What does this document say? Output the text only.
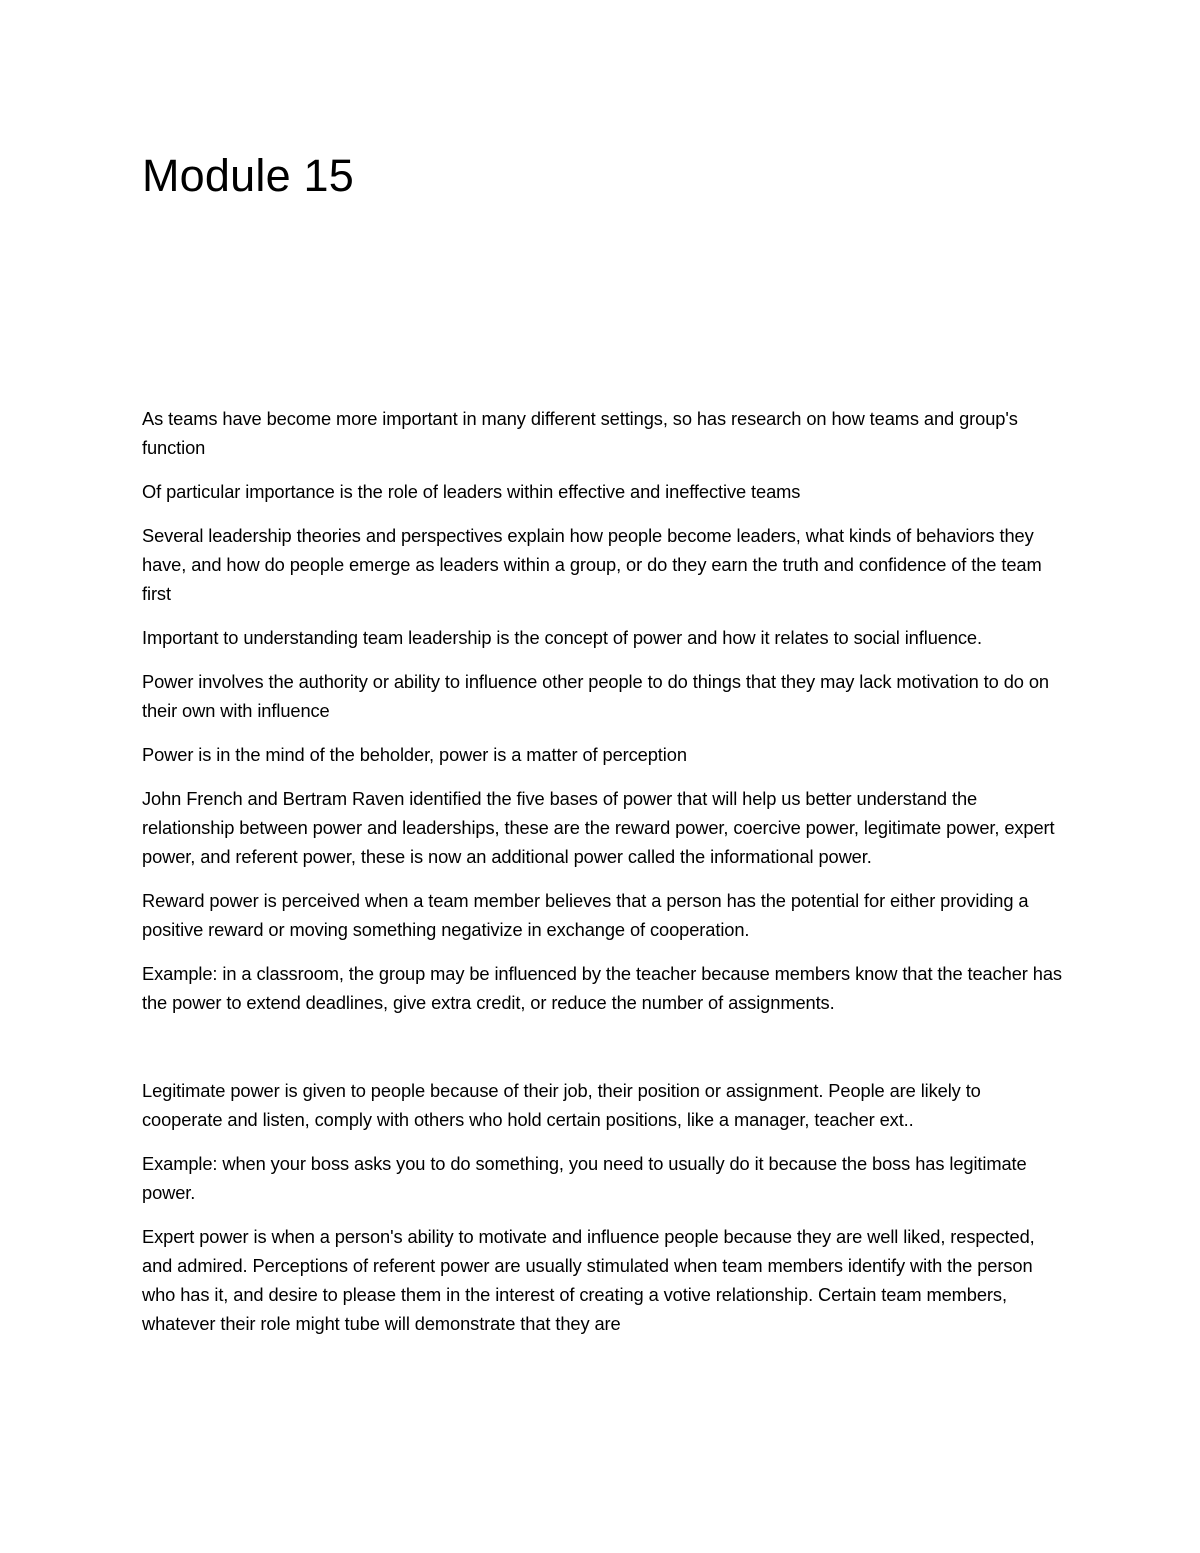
Module 15

As teams have become more important in many different settings, so has research on how teams and group's function

Of particular importance is the role of leaders within effective and ineffective teams

Several leadership theories and perspectives explain how people become leaders, what kinds of behaviors they have, and how do people emerge as leaders within a group, or do they earn the truth and confidence of the team first

Important to understanding team leadership is the concept of power and how it relates to social influence.

Power involves the authority or ability to influence other people to do things that they may lack motivation to do on their own with influence

Power is in the mind of the beholder, power is a matter of perception

John French and Bertram Raven identified the five bases of power that will help us better understand the relationship between power and leaderships, these are the reward power, coercive power, legitimate power, expert power, and referent power, these is now an additional power called the informational power.

Reward power is perceived when a team member believes that a person has the potential for either providing a positive reward or moving something negativize in exchange of cooperation.

Example: in a classroom, the group may be influenced by the teacher because members know that the teacher has the power to extend deadlines, give extra credit, or reduce the number of assignments.

Legitimate power is given to people because of their job, their position or assignment. People are likely to cooperate and listen, comply with others who hold certain positions, like a manager, teacher ext..

Example: when your boss asks you to do something, you need to usually do it because the boss has legitimate power.

Expert power is when a person's ability to motivate and influence people because they are well liked, respected, and admired. Perceptions of referent power are usually stimulated when team members identify with the person who has it, and desire to please them in the interest of creating a votive relationship. Certain team members, whatever their role might tube will demonstrate that they are
